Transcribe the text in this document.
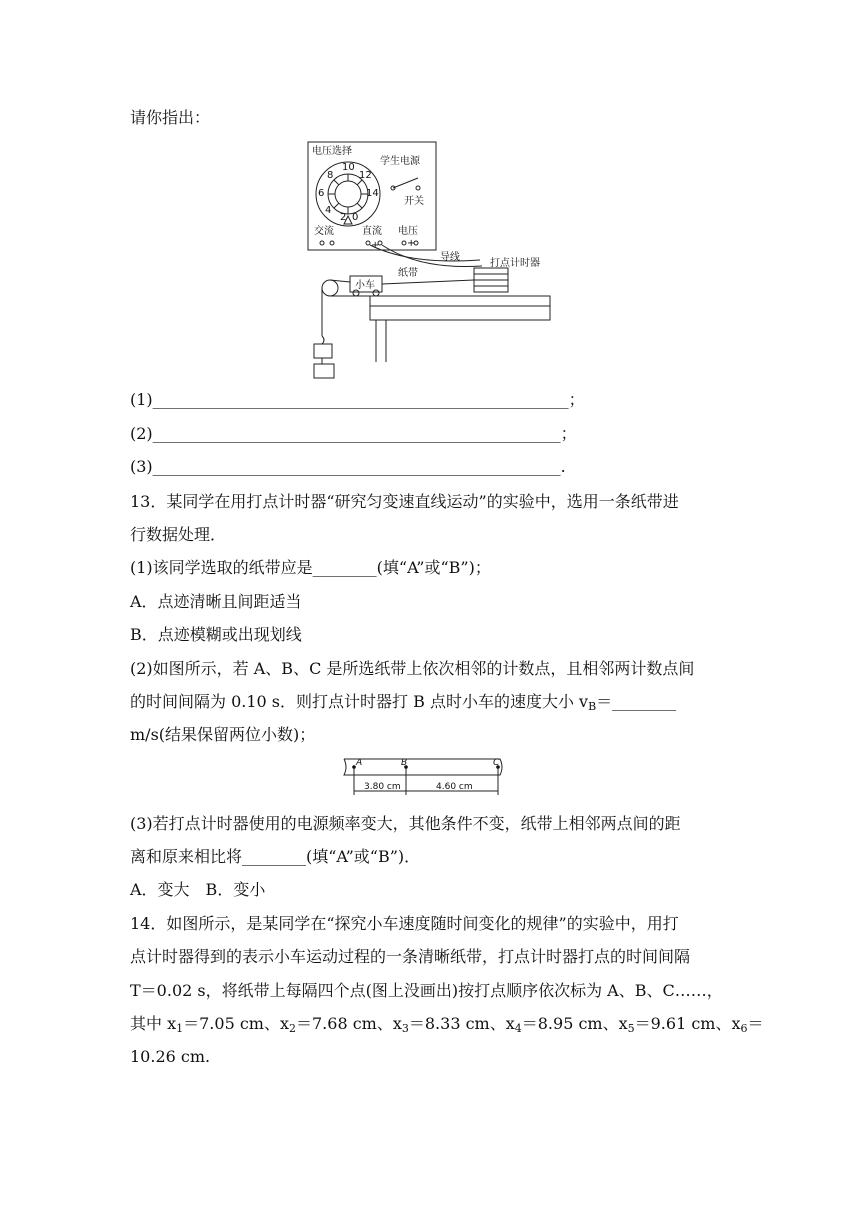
请你指出：
电压选择
学生电源
10
8	12
6	14
4
2 0
开关
交流	直流 电压
+	+
导线
打点计时器
纸带
小车
(1)____________________________________________________；
(2)___________________________________________________；
(3)___________________________________________________.
13．某同学在用打点计时器“研究匀变速直线运动”的实验中，选用一条纸带进
行数据处理．
(1)该同学选取的纸带应是________(填“A”或“B”)；
A．点迹清晰且间距适当
B．点迹模糊或出现划线
(2)如图所示，若 A、B、C 是所选纸带上依次相邻的计数点，且相邻两计数点间
的时间间隔为 0.10 s．则打点计时器打 B 点时小车的速度大小 $v_B=\_\_\_\_\_\_\_\_$
m/s(结果保留两位小数)；
A	B	C
3.80 cm	4.60 cm
(3)若打点计时器使用的电源频率变大，其他条件不变，纸带上相邻两点间的距
离和原来相比将________(填“A”或“B”)．
A．变大　B．变小
14．如图所示，是某同学在“探究小车速度随时间变化的规律”的实验中，用打
点计时器得到的表示小车运动过程的一条清晰纸带，打点计时器打点的时间间隔
T＝0.02 s，将纸带上每隔四个点(图上没画出)按打点顺序依次标为 A、B、C……，
其中 $x_1=7.05$ cm、$x_2=7.68$ cm、$x_3=8.33$ cm、$x_4=8.95$ cm、$x_5=9.61$ cm、$x_6=$
10.26 cm.
